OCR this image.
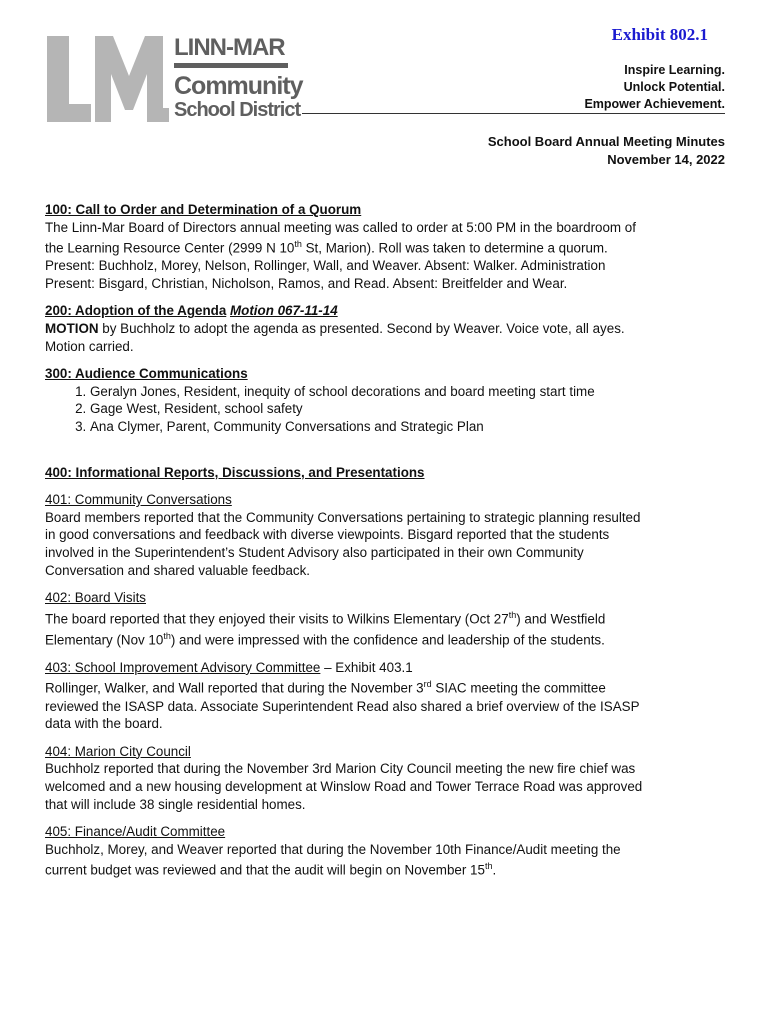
Exhibit 802.1
LINN-MAR
Community
School District
Inspire Learning.
Unlock Potential.
Empower Achievement.
School Board Annual Meeting Minutes
November 14, 2022
100: Call to Order and Determination of a Quorum
The Linn-Mar Board of Directors annual meeting was called to order at 5:00 PM in the boardroom of
the Learning Resource Center (2999 N 10th St, Marion). Roll was taken to determine a quorum.
Present: Buchholz, Morey, Nelson, Rollinger, Wall, and Weaver. Absent: Walker. Administration
Present: Bisgard, Christian, Nicholson, Ramos, and Read. Absent: Breitfelder and Wear.
200: Adoption of the Agenda Motion 067-11-14
MOTION by Buchholz to adopt the agenda as presented. Second by Weaver. Voice vote, all ayes.
Motion carried.
300: Audience Communications
1. Geralyn Jones, Resident, inequity of school decorations and board meeting start time
2. Gage West, Resident, school safety
3. Ana Clymer, Parent, Community Conversations and Strategic Plan
400: Informational Reports, Discussions, and Presentations
401: Community Conversations
Board members reported that the Community Conversations pertaining to strategic planning resulted
in good conversations and feedback with diverse viewpoints. Bisgard reported that the students
involved in the Superintendent’s Student Advisory also participated in their own Community
Conversation and shared valuable feedback.
402: Board Visits
The board reported that they enjoyed their visits to Wilkins Elementary (Oct 27th) and Westfield
Elementary (Nov 10th) and were impressed with the confidence and leadership of the students.
403: School Improvement Advisory Committee – Exhibit 403.1
Rollinger, Walker, and Wall reported that during the November 3rd SIAC meeting the committee
reviewed the ISASP data. Associate Superintendent Read also shared a brief overview of the ISASP
data with the board.
404: Marion City Council
Buchholz reported that during the November 3rd Marion City Council meeting the new fire chief was
welcomed and a new housing development at Winslow Road and Tower Terrace Road was approved
that will include 38 single residential homes.
405: Finance/Audit Committee
Buchholz, Morey, and Weaver reported that during the November 10th Finance/Audit meeting the
current budget was reviewed and that the audit will begin on November 15th.
